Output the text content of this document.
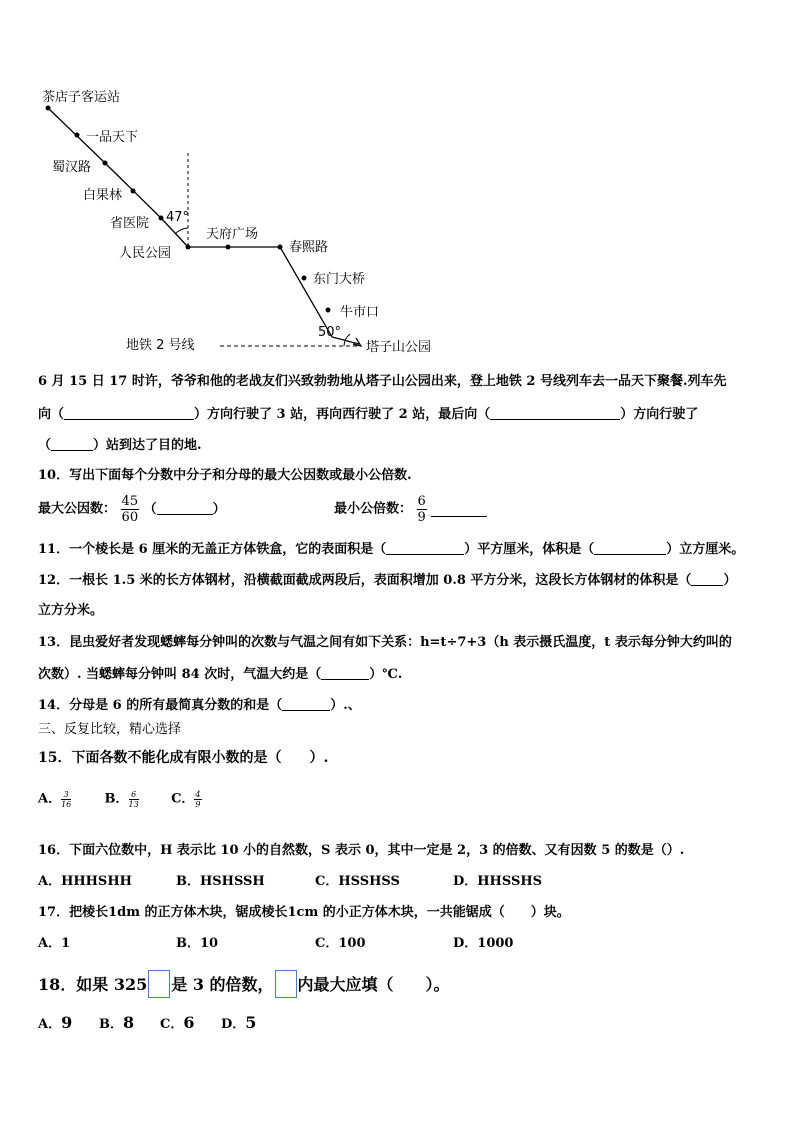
茶店子客运站
一品天下
蜀汉路
白果林
省医院 47°
人民公园
天府广场
春熙路
东门大桥
牛市口
50°
塔子山公园
地铁 2 号线
6 月 15 日 17 时许，爷爷和他的老战友们兴致勃勃地从塔子山公园出来，登上地铁 2 号线列车去一品天下聚餐.列车先
向（	）方向行驶了 3 站，再向西行驶了 2 站，最后向（	）方向行驶了
（	）站到达了目的地.
10．写出下面每个分数中分子和分母的最大公因数或最小公倍数.
最大公因数： $\frac{45}{60}$ （	）	最小公倍数： $\frac{6}{9}$

11．一个棱长是 6 厘米的无盖正方体铁盒，它的表面积是（	）平方厘米，体积是（	）立方厘米。
12．一根长 1.5 米的长方体钢材，沿横截面截成两段后，表面积增加 0.8 平方分米，这段长方体钢材的体积是（ ）
立方分米。
13．昆虫爱好者发现蟋蟀每分钟叫的次数与气温之间有如下关系：h=t÷7+3（h 表示摄氏温度，t 表示每分钟大约叫的
次数）. 当蟋蟀每分钟叫 84 次时，气温大约是（	）℃.
14．分母是 6 的所有最简真分数的和是（	）.、
三、反复比较，精心选择
15．下面各数不能化成有限小数的是（　　）.
A． $\frac{3}{16}$	B． $\frac{6}{13}$ C． $\frac{4}{9}$
16．下面六位数中，H 表示比 10 小的自然数，S 表示 0，其中一定是 2，3 的倍数、又有因数 5 的数是（）.
A．HHHSHH	B．HSHSSH	C．HSSHSS	D．HHSSHS
17．把棱长1dm 的正方体木块，锯成棱长1cm 的小正方体木块，一共能锯成（　　）块。
A．1	B．10	C．100	D．1000
18．如果 325 是 3 的倍数， 内最大应填（　　）。
A．9 B．8 C．6 D．5
